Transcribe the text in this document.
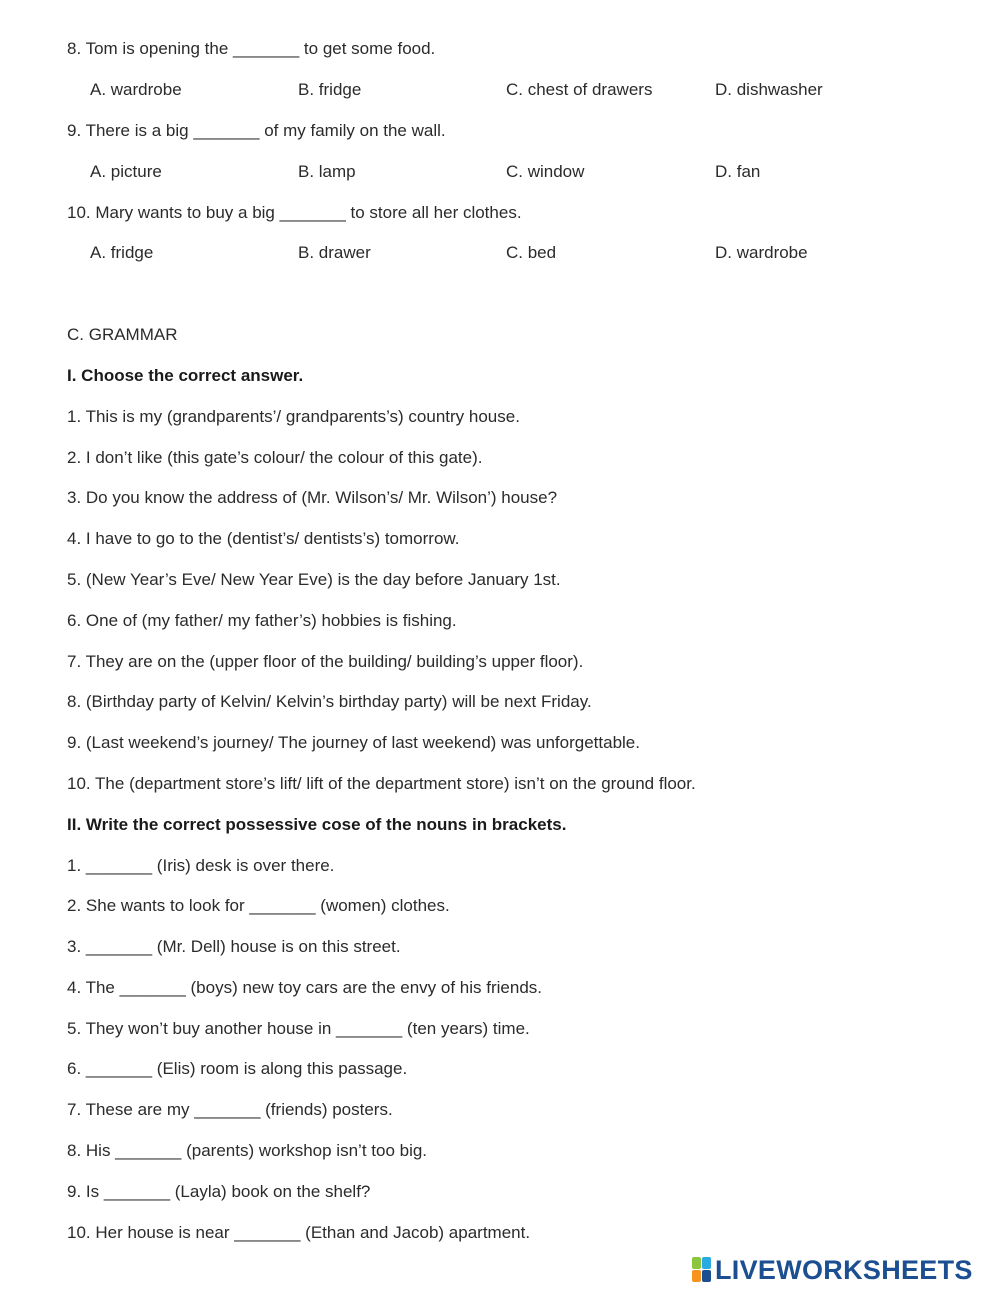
8. Tom is opening the _______ to get some food.
A. wardrobe	B. fridge	C. chest of drawers	D. dishwasher
9. There is a big _______ of my family on the wall.
A. picture	B. lamp	C. window	D. fan
10. Mary wants to buy a big _______ to store all her clothes.
A. fridge	B. drawer	C. bed	D. wardrobe
C. GRAMMAR
I. Choose the correct answer.
1. This is my (grandparents’/ grandparents’s) country house.
2. I don’t like (this gate’s colour/ the colour of this gate).
3. Do you know the address of (Mr. Wilson’s/ Mr. Wilson’) house?
4. I have to go to the (dentist’s/ dentists’s) tomorrow.
5. (New Year’s Eve/ New Year Eve) is the day before January 1st.
6. One of (my father/ my father’s) hobbies is fishing.
7. They are on the (upper floor of the building/ building’s upper floor).
8. (Birthday party of Kelvin/ Kelvin’s birthday party) will be next Friday.
9. (Last weekend’s journey/ The journey of last weekend) was unforgettable.
10. The (department store’s lift/ lift of the department store) isn’t on the ground floor.
II. Write the correct possessive cose of the nouns in brackets.
1. _______ (Iris) desk is over there.
2. She wants to look for _______ (women) clothes.
3. _______ (Mr. Dell) house is on this street.
4. The _______ (boys) new toy cars are the envy of his friends.
5. They won’t buy another house in _______ (ten years) time.
6. _______ (Elis) room is along this passage.
7. These are my _______ (friends) posters.
8. His _______ (parents) workshop isn’t too big.
9. Is _______ (Layla) book on the shelf?
10. Her house is near _______ (Ethan and Jacob) apartment.
LIVEWORKSHEETS
